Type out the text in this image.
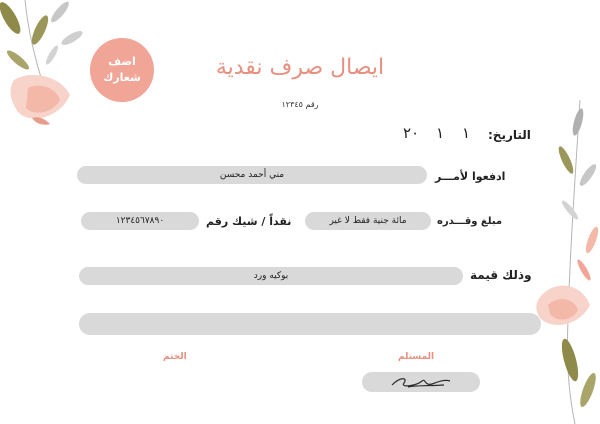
اضف
شعارك	ايصال صرف نقدية
رقم ١٢٣٤٥
التاريخ:
١
١
٢٠
ادفعوا لأمـــر
مني أحمد محسن
مبلغ وقـــدره
مائة جنية فقط لا غير
نقداً / شيك رقم
١٢٣٤٥٦٧٨٩٠
وذلك قيمة
بوكيه ورد
المستلم
الختم
